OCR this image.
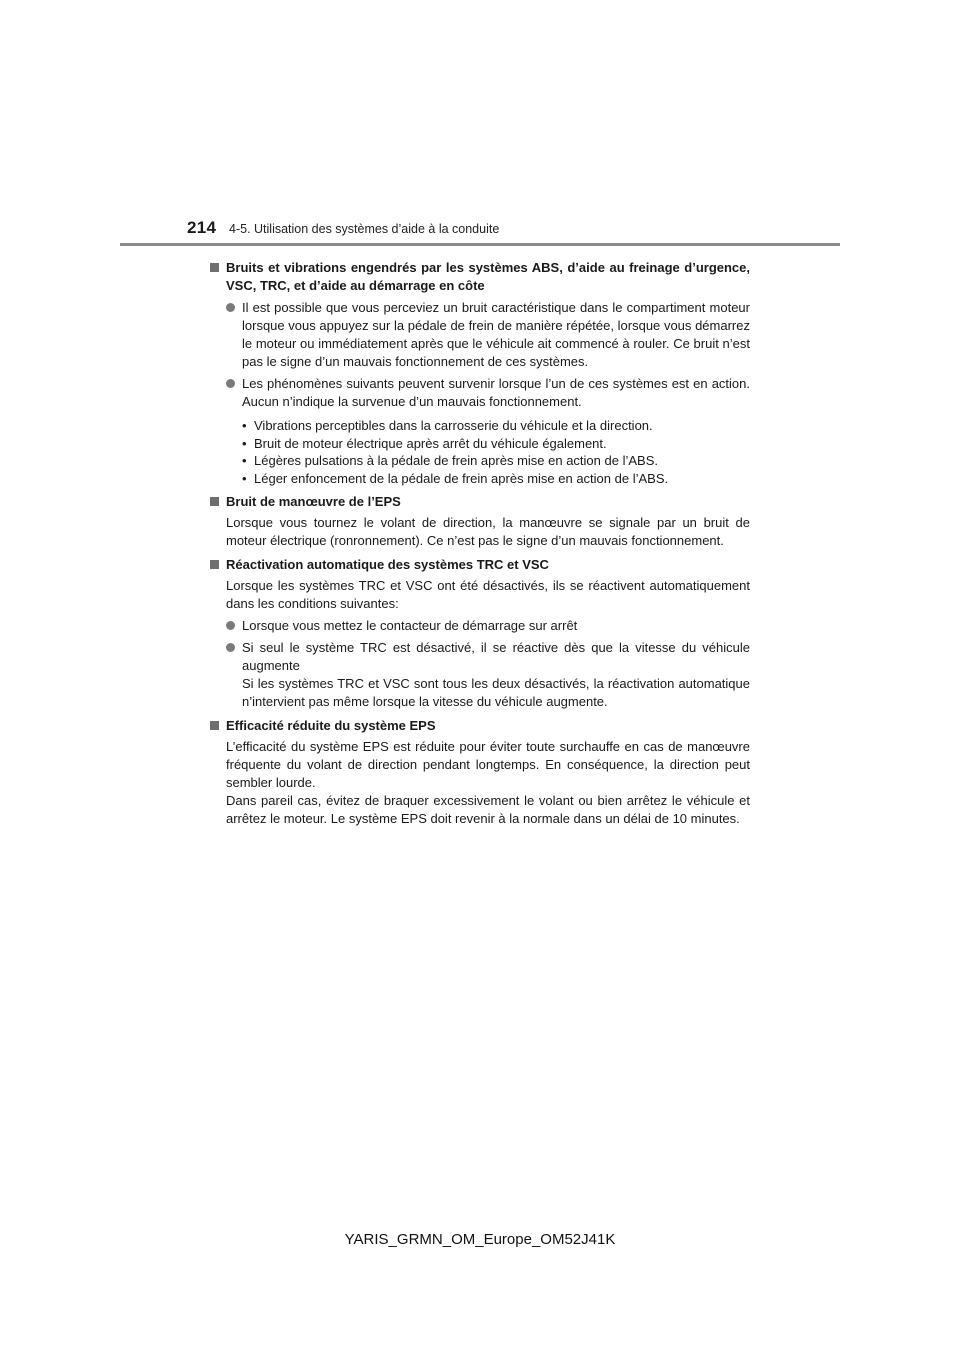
214 4-5. Utilisation des systèmes d’aide à la conduite
Bruits et vibrations engendrés par les systèmes ABS, d’aide au freinage d’urgence, VSC, TRC, et d’aide au démarrage en côte
Il est possible que vous perceviez un bruit caractéristique dans le compartiment moteur lorsque vous appuyez sur la pédale de frein de manière répétée, lorsque vous démarrez le moteur ou immédiatement après que le véhicule ait commencé à rouler. Ce bruit n’est pas le signe d’un mauvais fonctionnement de ces systèmes.
Les phénomènes suivants peuvent survenir lorsque l’un de ces systèmes est en action. Aucun n’indique la survenue d’un mauvais fonctionnement.
• Vibrations perceptibles dans la carrosserie du véhicule et la direction.
• Bruit de moteur électrique après arrêt du véhicule également.
• Légères pulsations à la pédale de frein après mise en action de l’ABS.
• Léger enfoncement de la pédale de frein après mise en action de l’ABS.
Bruit de manœuvre de l’EPS
Lorsque vous tournez le volant de direction, la manœuvre se signale par un bruit de moteur électrique (ronronnement). Ce n’est pas le signe d’un mauvais fonctionnement.
Réactivation automatique des systèmes TRC et VSC
Lorsque les systèmes TRC et VSC ont été désactivés, ils se réactivent automatiquement dans les conditions suivantes:
Lorsque vous mettez le contacteur de démarrage sur arrêt
Si seul le système TRC est désactivé, il se réactive dès que la vitesse du véhicule augmente
Si les systèmes TRC et VSC sont tous les deux désactivés, la réactivation automatique n’intervient pas même lorsque la vitesse du véhicule augmente.
Efficacité réduite du système EPS
L’efficacité du système EPS est réduite pour éviter toute surchauffe en cas de manœuvre fréquente du volant de direction pendant longtemps. En conséquence, la direction peut sembler lourde.
Dans pareil cas, évitez de braquer excessivement le volant ou bien arrêtez le véhicule et arrêtez le moteur. Le système EPS doit revenir à la normale dans un délai de 10 minutes.
YARIS_GRMN_OM_Europe_OM52J41K
